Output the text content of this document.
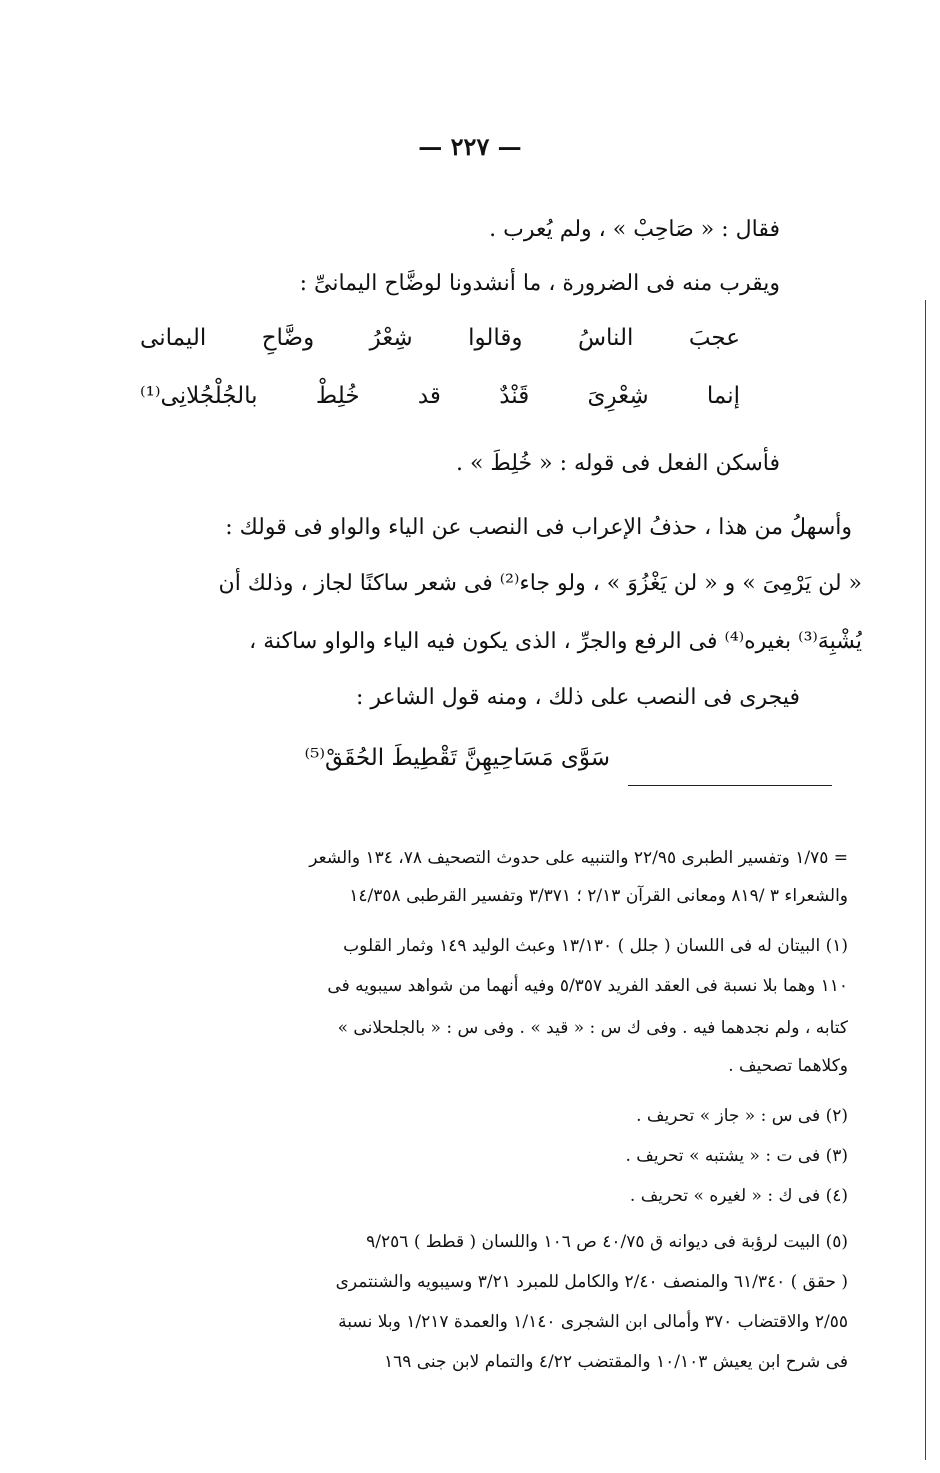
— ٢٢٧ —
فقال : « صَاحِبْ » ، ولم يُعرب .
ويقرب منه فى الضرورة ، ما أنشدونا لوضَّاح اليمانىِّ :
عجبَ
الناسُ
وقالوا
شِعْرُ
وضَّاحِ
اليمانى
إنما
شِعْرِىَ
قَنْدٌ
قد
خُلِطْ
بالجُلْجُلانِى⁽¹⁾
فأسكن الفعل فى قوله : « خُلِطَ » .
وأسهلُ من هذا ، حذفُ الإعراب فى النصب عن الياء والواو فى قولك :
« لن يَرْمِىَ » و « لن يَغْزُوَ » ، ولو جاء⁽²⁾ فى شعر ساكنًا لجاز ، وذلك أن
يُشْبِهَ⁽³⁾ بغيره⁽⁴⁾ فى الرفع والجرِّ ، الذى يكون فيه الياء والواو ساكنة ،
فيجرى فى النصب على ذلك ، ومنه قول الشاعر :
سَوَّى مَسَاحِيهِنَّ تَقْطِيطَ الحُقَقْ⁽⁵⁾
= ١/٧٥ وتفسير الطبرى ٢٢/٩٥ والتنبيه على حدوث التصحيف ٧٨، ١٣٤ والشعر
والشعراء ٣ /٨١٩ ومعانى القرآن ٢/١٣ ؛ ٣/٣٧١ وتفسير القرطبى ١٤/٣٥٨
(١) البيتان له فى اللسان ( جلل ) ١٣/١٣٠ وعبث الوليد ١٤٩ وثمار القلوب
١١٠ وهما بلا نسبة فى العقد الفريد ٥/٣٥٧ وفيه أنهما من شواهد سيبويه فى
كتابه ، ولم نجدهما فيه . وفى ك س : « قيد » . وفى س : « بالجلحلانى »
وكلاهما تصحيف .
(٢) فى س : « جاز » تحريف .
(٣) فى ت : « يشتبه » تحريف .
(٤) فى ك : « لغيره » تحريف .
(٥) البيت لرؤبة فى ديوانه ق ٤٠/٧٥ ص ١٠٦ واللسان ( قطط ) ٩/٢٥٦
( حقق ) ٦١/٣٤٠ والمنصف ٢/٤٠ والكامل للمبرد ٣/٢١ وسيبويه والشنتمرى
٢/٥٥ والاقتضاب ٣٧٠ وأمالى ابن الشجرى ١/١٤٠ والعمدة ١/٢١٧ وبلا نسبة
فى شرح ابن يعيش ١٠/١٠٣ والمقتضب ٤/٢٢ والتمام لابن جنى ١٦٩
